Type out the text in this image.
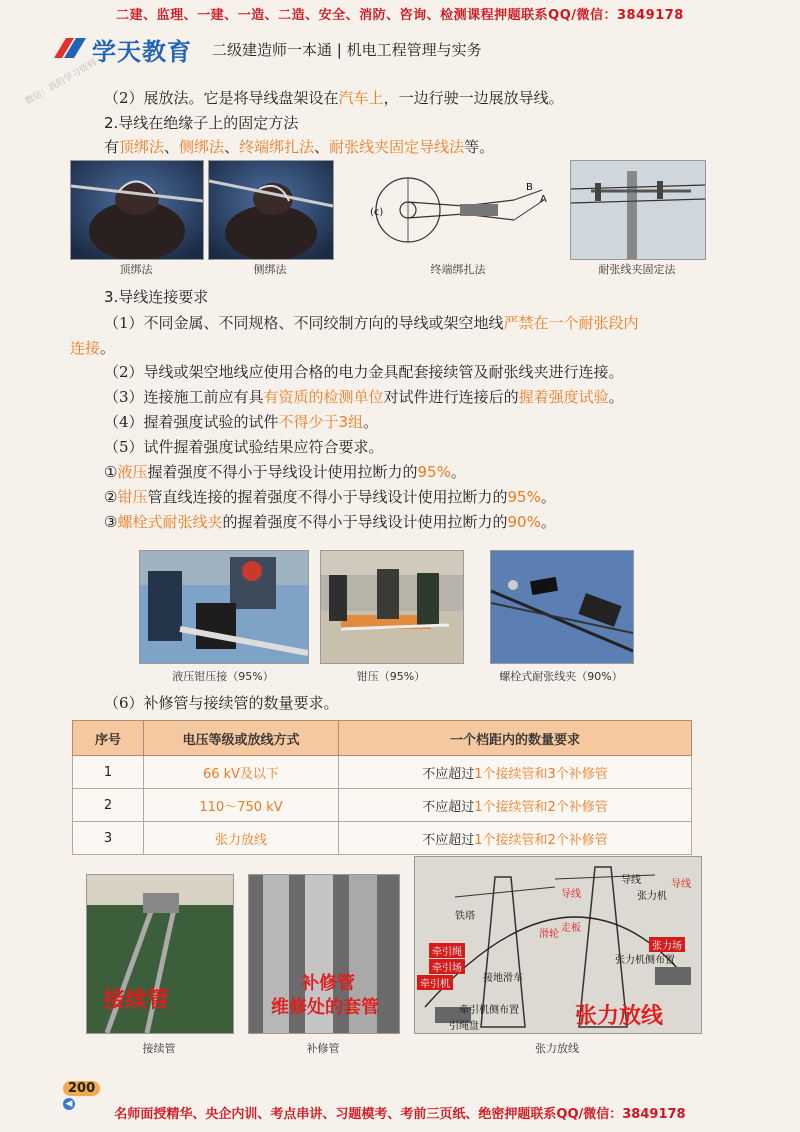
二建、监理、一建、一造、二造、安全、消防、咨询、检测课程押题联系QQ/微信：3849178
学天教育 二级建造师一本通 | 机电工程管理与实务
微信：我的学习资料 （2）展放法。它是将导线盘架设在汽车上，一边行驶一边展放导线。
2.导线在绝缘子上的固定方法
有顶绑法、侧绑法、终端绑扎法、耐张线夹固定导线法等。
(c)
A
B
顶绑法	侧绑法	终端绑扎法	耐张线夹固定法
3.导线连接要求
（1）不同金属、不同规格、不同绞制方向的导线或架空地线严禁在一个耐张段内
连接。
（2）导线或架空地线应使用合格的电力金具配套接续管及耐张线夹进行连接。
（3）连接施工前应有具有资质的检测单位对试件进行连接后的握着强度试验。
（4）握着强度试验的试件不得少于3组。
（5）试件握着强度试验结果应符合要求。
①液压握着强度不得小于导线设计使用拉断力的95%。
②钳压管直线连接的握着强度不得小于导线设计使用拉断力的95%。
③螺栓式耐张线夹的握着强度不得小于导线设计使用拉断力的90%。
液压钳压接（95%）	钳压（95%）	螺栓式耐张线夹（90%）
（6）补修管与接续管的数量要求。
序号	电压等级或放线方式	一个档距内的数量要求
1	66 kV及以下	不应超过1个接续管和3个补修管
2	110～750 kV	不应超过1个接续管和2个补修管
3	张力放线	不应超过1个接续管和2个补修管
接续管
补修管
维修处的套管
铁塔
导线
导线	导线
滑轮
走板
张力机
张力场
张力机侧布置
牵引绳
牵引场
牵引机
接地滑车
牵引机侧布置
引绳盘	张力放线
接续管	补修管	张力放线
200 ◀
名师面授精华、央企内训、考点串讲、习题模考、考前三页纸、绝密押题联系QQ/微信：3849178
